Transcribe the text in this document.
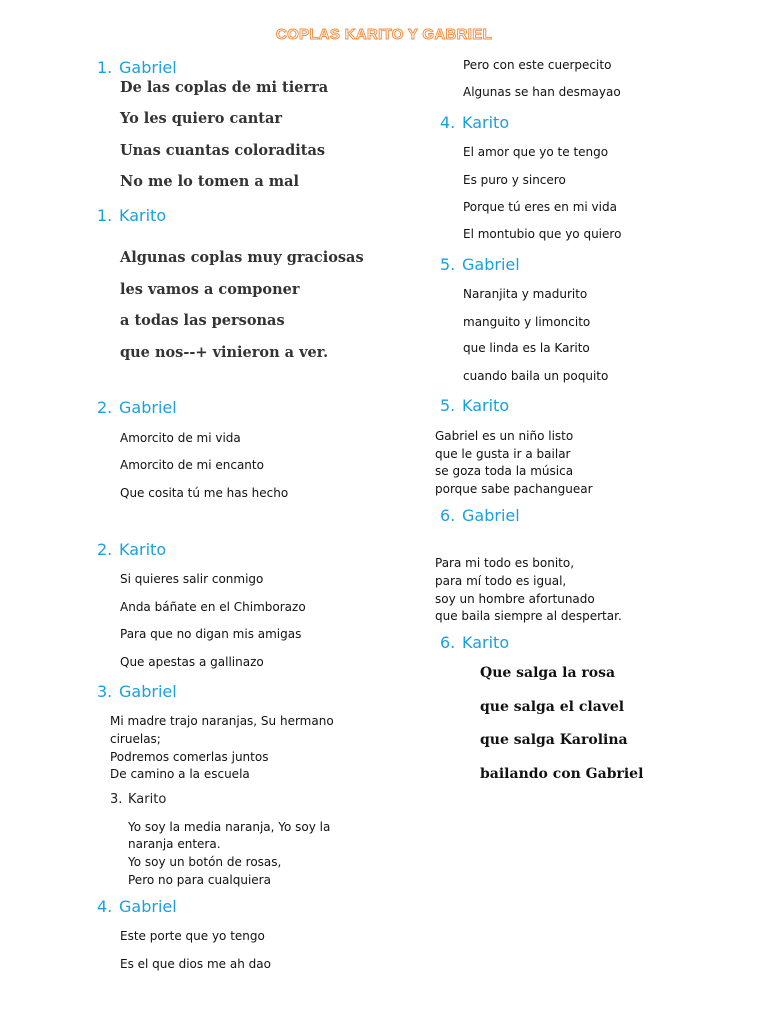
COPLAS KARITO Y GABRIEL
1. Gabriel
De las coplas de mi tierra
Yo les quiero cantar
Unas cuantas coloraditas
No me lo tomen a mal
1. Karito
Algunas coplas muy graciosas
les vamos a componer
a todas las personas
que nos--+ vinieron a ver.
2. Gabriel
Amorcito de mi vida
Amorcito de mi encanto
Que cosita tú me has hecho
2. Karito
Si quieres salir conmigo
Anda báñate en el Chimborazo
Para que no digan mis amigas
Que apestas a gallinazo
3. Gabriel
Mi madre trajo naranjas, Su hermano
ciruelas;
Podremos comerlas juntos
De camino a la escuela
3. Karito
Yo soy la media naranja, Yo soy la
naranja entera.
Yo soy un botón de rosas,
Pero no para cualquiera
4. Gabriel
Este porte que yo tengo
Es el que dios me ah dao
Pero con este cuerpecito
Algunas se han desmayao
4. Karito
El amor que yo te tengo
Es puro y sincero
Porque tú eres en mi vida
El montubio que yo quiero
5. Gabriel
Naranjita y madurito
manguito y limoncito
que linda es la Karito
cuando baila un poquito
5. Karito
Gabriel es un niño listo
que le gusta ir a bailar
se goza toda la música
porque sabe pachanguear
6. Gabriel
Para mi todo es bonito,
para mí todo es igual,
soy un hombre afortunado
que baila siempre al despertar.
6. Karito
Que salga la rosa
que salga el clavel
que salga Karolina
bailando con Gabriel
